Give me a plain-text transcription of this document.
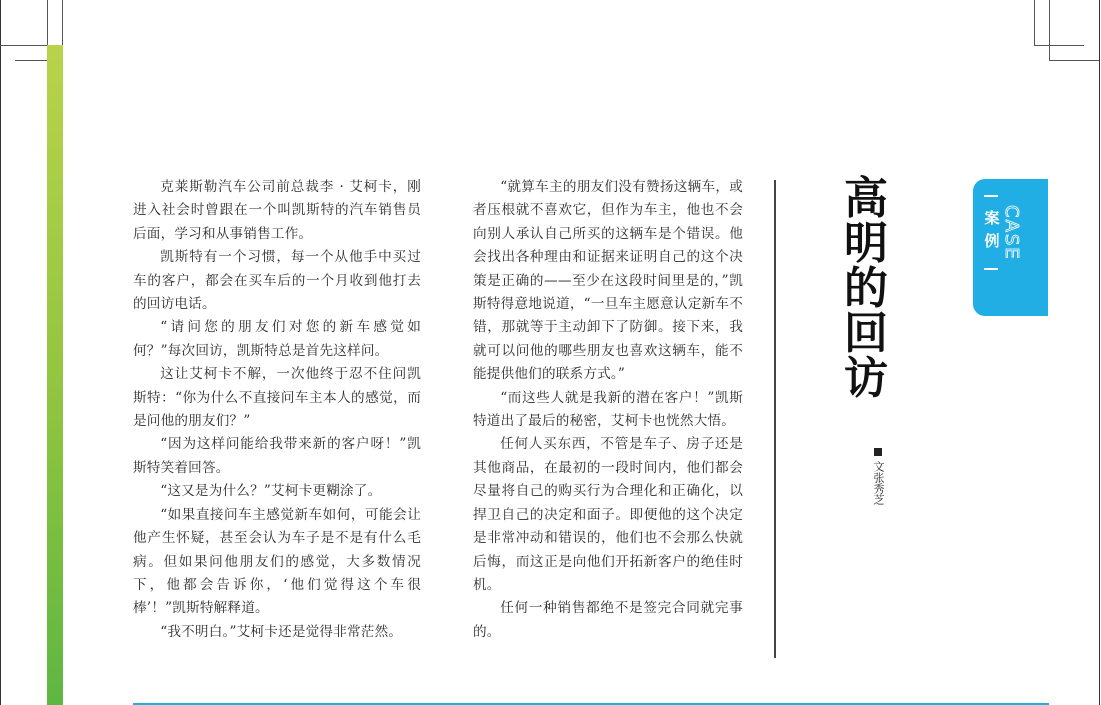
克莱斯勒汽车公司前总裁李 · 艾柯卡，刚进入社会时曾跟在一个叫凯斯特的汽车销售员后面，学习和从事销售工作。

凯斯特有一个习惯，每一个从他手中买过车的客户，都会在买车后的一个月收到他打去的回访电话。

“请问您的朋友们对您的新车感觉如何？”每次回访，凯斯特总是首先这样问。

这让艾柯卡不解，一次他终于忍不住问凯斯特：“你为什么不直接问车主本人的感觉，而是问他的朋友们？”

“因为这样问能给我带来新的客户呀！”凯斯特笑着回答。

“这又是为什么？”艾柯卡更糊涂了。

“如果直接问车主感觉新车如何，可能会让他产生怀疑，甚至会认为车子是不是有什么毛病。但如果问他朋友们的感觉，大多数情况下，他都会告诉你，‘他们觉得这个车很棒’！”凯斯特解释道。

“我不明白。”艾柯卡还是觉得非常茫然。

“就算车主的朋友们没有赞扬这辆车，或者压根就不喜欢它，但作为车主，他也不会向别人承认自己所买的这辆车是个错误。他会找出各种理由和证据来证明自己的这个决策是正确的——至少在这段时间里是的，”凯斯特得意地说道，“一旦车主愿意认定新车不错，那就等于主动卸下了防御。接下来，我就可以问他的哪些朋友也喜欢这辆车，能不能提供他们的联系方式。”

“而这些人就是我新的潜在客户！”凯斯特道出了最后的秘密，艾柯卡也恍然大悟。

任何人买东西，不管是车子、房子还是其他商品，在最初的一段时间内，他们都会尽量将自己的购买行为合理化和正确化，以捍卫自己的决定和面子。即便他的这个决定是非常冲动和错误的，他们也不会那么快就后悔，而这正是向他们开拓新客户的绝佳时机。

任何一种销售都绝不是签完合同就完事的。

高
明
的
回
访
文张秀芝
案
例 CASE
